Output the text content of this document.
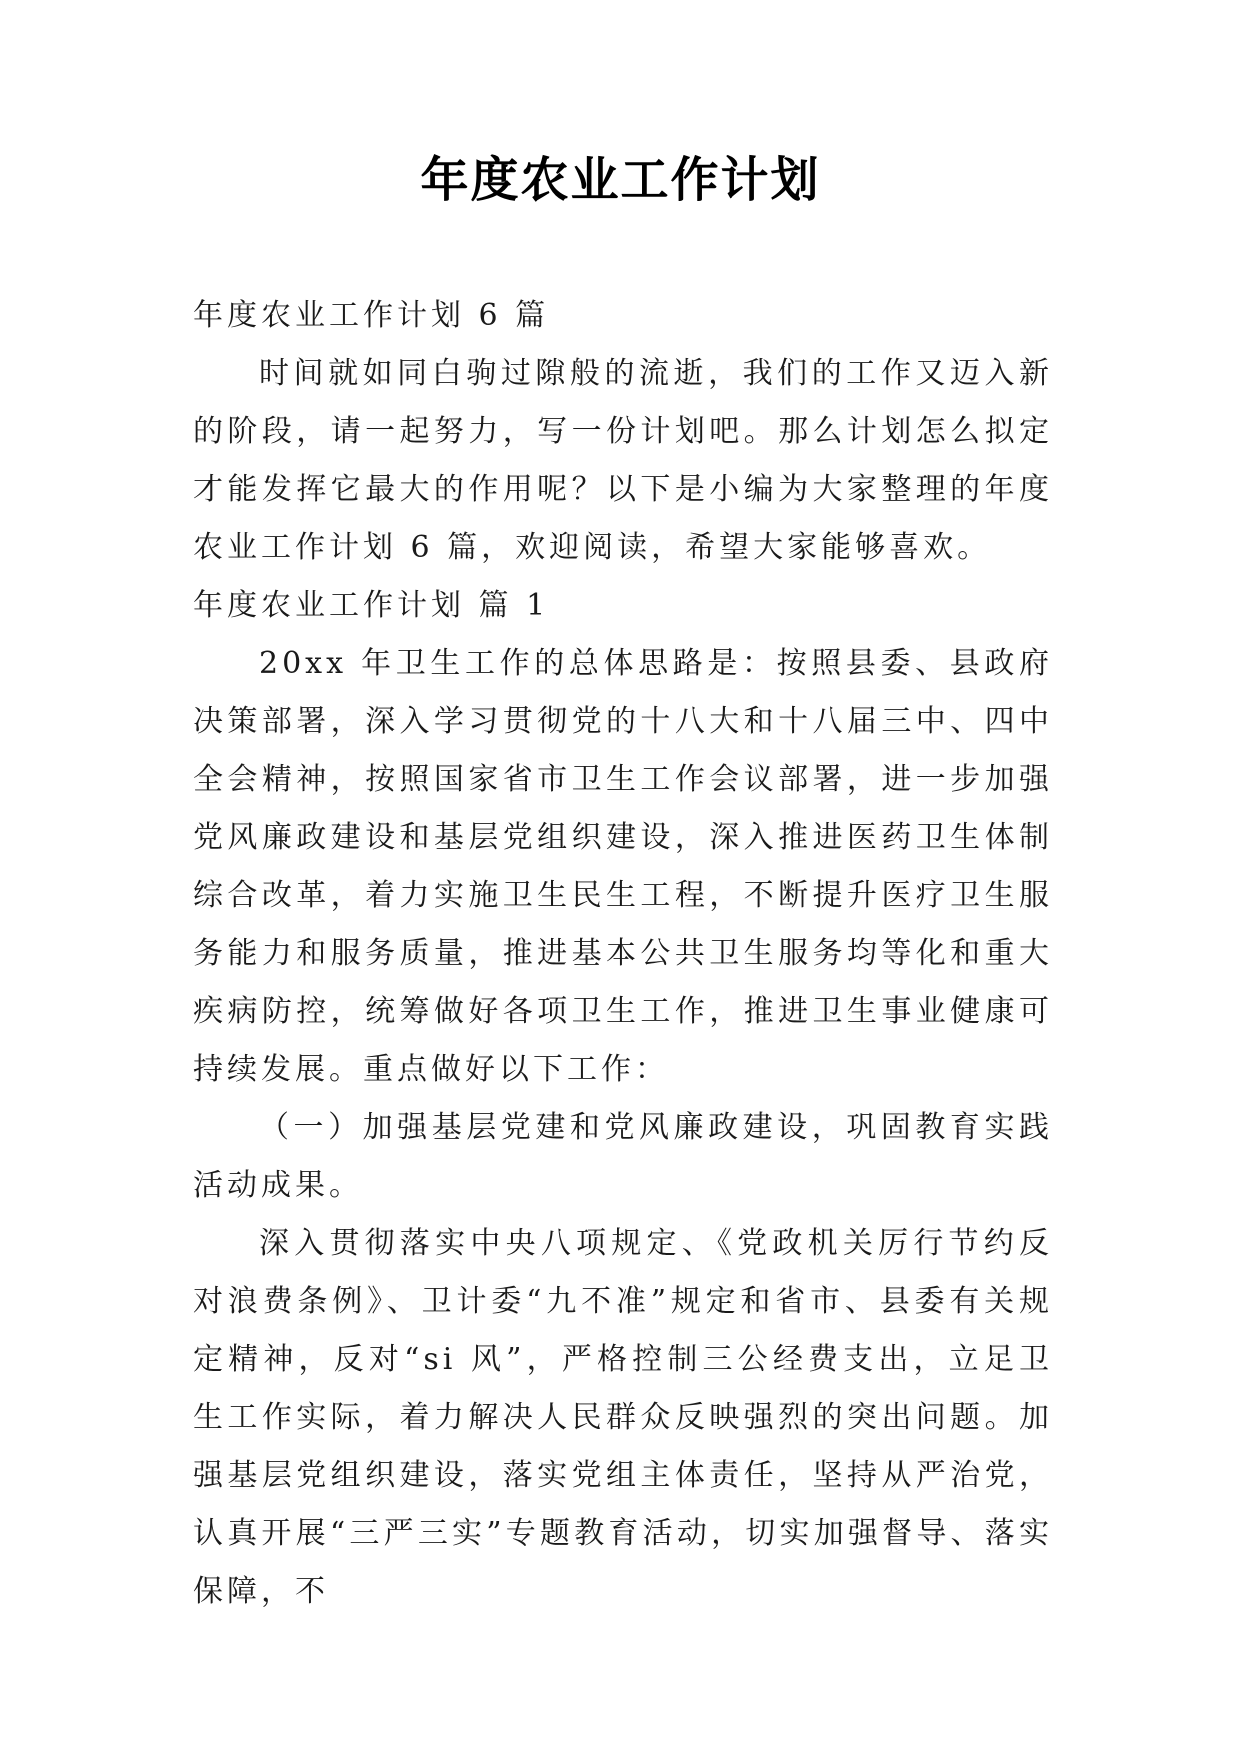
年度农业工作计划

年度农业工作计划 6 篇

时间就如同白驹过隙般的流逝，我们的工作又迈入新的阶段，请一起努力，写一份计划吧。那么计划怎么拟定才能发挥它最大的作用呢？以下是小编为大家整理的年度农业工作计划 6 篇，欢迎阅读，希望大家能够喜欢。

年度农业工作计划 篇 1

20xx 年卫生工作的总体思路是：按照县委、县政府决策部署，深入学习贯彻党的十八大和十八届三中、四中全会精神，按照国家省市卫生工作会议部署，进一步加强党风廉政建设和基层党组织建设，深入推进医药卫生体制综合改革，着力实施卫生民生工程，不断提升医疗卫生服务能力和服务质量，推进基本公共卫生服务均等化和重大疾病防控，统筹做好各项卫生工作，推进卫生事业健康可持续发展。重点做好以下工作：

（一）加强基层党建和党风廉政建设，巩固教育实践活动成果。

深入贯彻落实中央八项规定、《党政机关厉行节约反对浪费条例》、卫计委“九不准”规定和省市、县委有关规定精神，反对“si 风”，严格控制三公经费支出，立足卫生工作实际，着力解决人民群众反映强烈的突出问题。加强基层党组织建设，落实党组主体责任，坚持从严治党，认真开展“三严三实”专题教育活动，切实加强督导、落实保障，不
